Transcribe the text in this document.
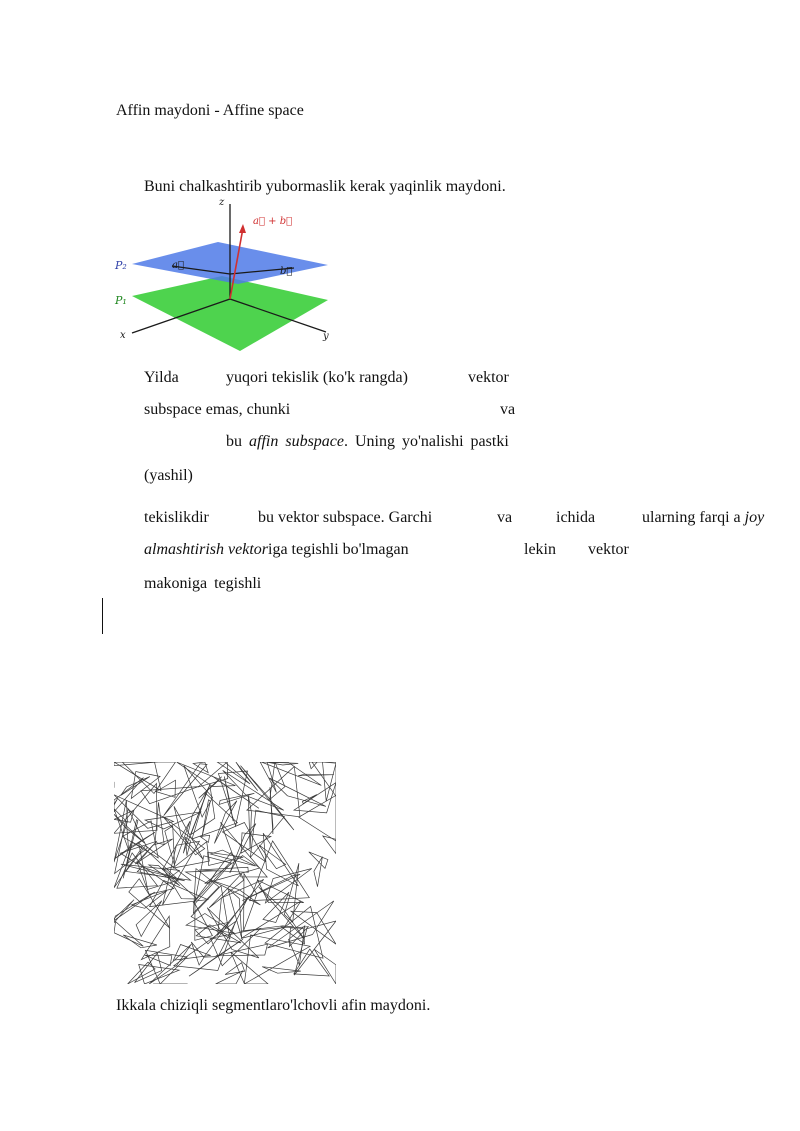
Affin maydoni - Affine space
Buni chalkashtirib yubormaslik kerak yaqinlik maydoni.
z
a⃗ + b⃗
P₂
P₁
a⃗
b⃗
x	y
Yilda	yuqori tekislik (ko'k rangda)	vektor
subspace emas, chunki	va
bu affin subspace. Uning yo'nalishi pastki
(yashil)
tekislikdir	bu vektor subspace. Garchi	va	ichida	ularning farqi a joy
almashtirish vektoriga tegishli bo'lmagan	lekin vektor
makoniga tegishli
Ikkala chiziqli segmentlaro'lchovli afin maydoni.
